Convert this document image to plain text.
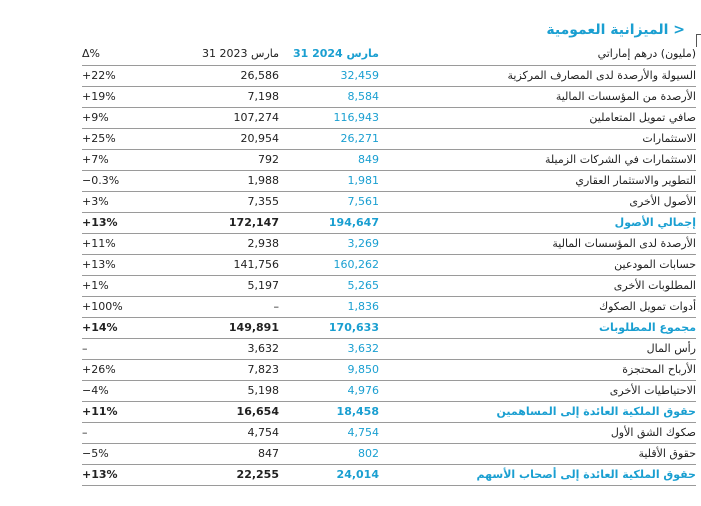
< الميزانية العمومية
Δ%	31 مارس 2023	31 مارس 2024	(مليون) درهم إماراتي
+22%	26,586	32,459	السيولة والأرصدة لدى المصارف المركزية
+19%	7,198	8,584	الأرصدة من المؤسسات المالية
+9%	107,274	116,943	صافي تمويل المتعاملين
+25%	20,954	26,271	الاستثمارات
+7%	792	849	الاستثمارات في الشركات الزميلة
−0.3%	1,988	1,981	التطوير والاستثمار العقاري
+3%	7,355	7,561	الأصول الأخرى
+13%	172,147	194,647	إجمالي الأصول
+11%	2,938	3,269	الأرصدة لدى المؤسسات المالية
+13%	141,756	160,262	حسابات المودعين
+1%	5,197	5,265	المطلوبات الأخرى
+100%	–	1,836	أدوات تمويل الصكوك
+14%	149,891	170,633	مجموع المطلوبات
–	3,632	3,632	رأس المال
+26%	7,823	9,850	الأرباح المحتجزة
−4%	5,198	4,976	الاحتياطيات الأخرى
+11%	16,654	18,458	حقوق الملكية العائدة إلى المساهمين
–	4,754	4,754	صكوك الشق الأول
−5%	847	802	حقوق الأقلية
+13%	22,255	24,014	حقوق الملكية العائدة إلى أصحاب الأسهم
